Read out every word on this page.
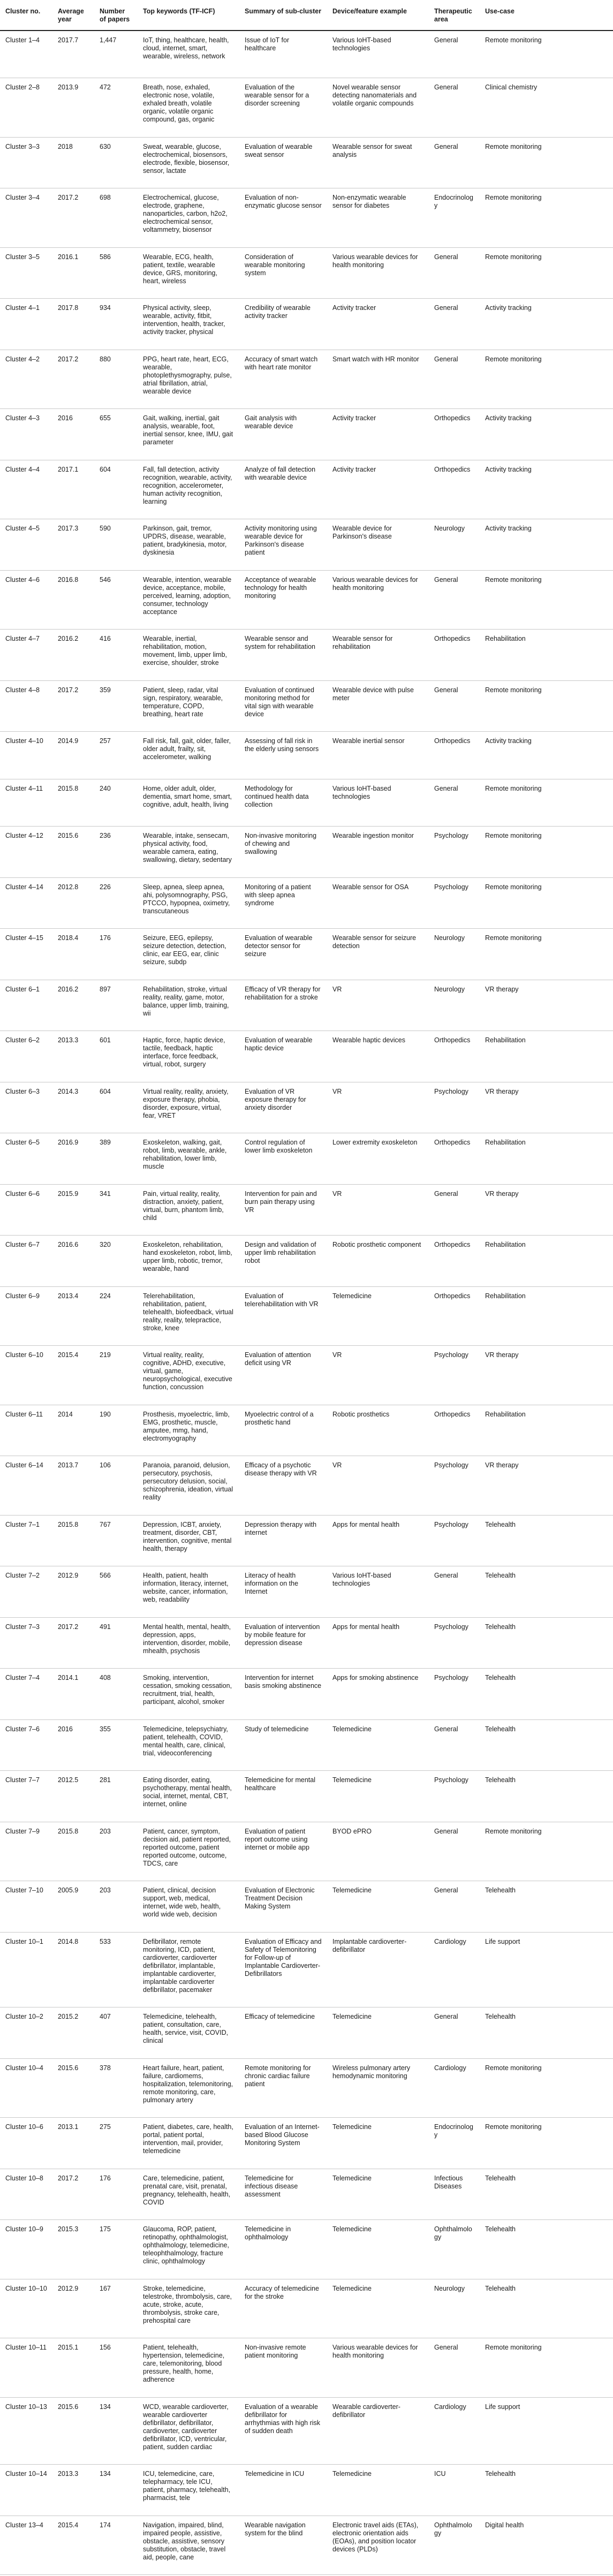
Cluster no.	Average year	Number of papers	Top keywords (TF-ICF)	Summary of sub-cluster	Device/feature example	Therapeutic area	Use-case
Cluster 1–4	2017.7	1,447	IoT, thing, healthcare, health, cloud, internet, smart, wearable, wireless, network	Issue of IoT for healthcare	Various IoHT-based technologies	General	Remote monitoring
Cluster 2–8	2013.9	472	Breath, nose, exhaled, electronic nose, volatile, exhaled breath, volatile organic, volatile organic compound, gas, organic	Evaluation of the wearable sensor for a disorder screening	Novel wearable sensor detecting nanomaterials and volatile organic compounds	General	Clinical chemistry
Cluster 3–3	2018	630	Sweat, wearable, glucose, electrochemical, biosensors, electrode, flexible, biosensor, sensor, lactate	Evaluation of wearable sweat sensor	Wearable sensor for sweat analysis	General	Remote monitoring
Cluster 3–4	2017.2	698	Electrochemical, glucose, electrode, graphene, nanoparticles, carbon, h2o2, electrochemical sensor, voltammetry, biosensor	Evaluation of non-enzymatic glucose sensor	Non-enzymatic wearable sensor for diabetes	Endocrinology	Remote monitoring
Cluster 3–5	2016.1	586	Wearable, ECG, health, patient, textile, wearable device, GRS, monitoring, heart, wireless	Consideration of wearable monitoring system	Various wearable devices for health monitoring	General	Remote monitoring
Cluster 4–1	2017.8	934	Physical activity, sleep, wearable, activity, fitbit, intervention, health, tracker, activity tracker, physical	Credibility of wearable activity tracker	Activity tracker	General	Activity tracking
Cluster 4–2	2017.2	880	PPG, heart rate, heart, ECG, wearable, photoplethysmography, pulse, atrial fibrillation, atrial, wearable device	Accuracy of smart watch with heart rate monitor	Smart watch with HR monitor	General	Remote monitoring
Cluster 4–3	2016	655	Gait, walking, inertial, gait analysis, wearable, foot, inertial sensor, knee, IMU, gait parameter	Gait analysis with wearable device	Activity tracker	Orthopedics	Activity tracking
Cluster 4–4	2017.1	604	Fall, fall detection, activity recognition, wearable, activity, recognition, accelerometer, human activity recognition, learning	Analyze of fall detection with wearable device	Activity tracker	Orthopedics	Activity tracking
Cluster 4–5	2017.3	590	Parkinson, gait, tremor, UPDRS, disease, wearable, patient, bradykinesia, motor, dyskinesia	Activity monitoring using wearable device for Parkinson's disease patient	Wearable device for Parkinson's disease	Neurology	Activity tracking
Cluster 4–6	2016.8	546	Wearable, intention, wearable device, acceptance, mobile, perceived, learning, adoption, consumer, technology acceptance	Acceptance of wearable technology for health monitoring	Various wearable devices for health monitoring	General	Remote monitoring
Cluster 4–7	2016.2	416	Wearable, inertial, rehabilitation, motion, movement, limb, upper limb, exercise, shoulder, stroke	Wearable sensor and system for rehabilitation	Wearable sensor for rehabilitation	Orthopedics	Rehabilitation
Cluster 4–8	2017.2	359	Patient, sleep, radar, vital sign, respiratory, wearable, temperature, COPD, breathing, heart rate	Evaluation of continued monitoring method for vital sign with wearable device	Wearable device with pulse meter	General	Remote monitoring
Cluster 4–10	2014.9	257	Fall risk, fall, gait, older, faller, older adult, frailty, sit, accelerometer, walking	Assessing of fall risk in the elderly using sensors	Wearable inertial sensor	Orthopedics	Activity tracking
Cluster 4–11	2015.8	240	Home, older adult, older, dementia, smart home, smart, cognitive, adult, health, living	Methodology for continued health data collection	Various IoHT-based technologies	General	Remote monitoring
Cluster 4–12	2015.6	236	Wearable, intake, sensecam, physical activity, food, wearable camera, eating, swallowing, dietary, sedentary	Non-invasive monitoring of chewing and swallowing	Wearable ingestion monitor	Psychology	Remote monitoring
Cluster 4–14	2012.8	226	Sleep, apnea, sleep apnea, ahi, polysomnography, PSG, PTCCO, hypopnea, oximetry, transcutaneous	Monitoring of a patient with sleep apnea syndrome	Wearable sensor for OSA	Psychology	Remote monitoring
Cluster 4–15	2018.4	176	Seizure, EEG, epilepsy, seizure detection, detection, clinic, ear EEG, ear, clinic seizure, subdp	Evaluation of wearable detector sensor for seizure	Wearable sensor for seizure detection	Neurology	Remote monitoring
Cluster 6–1	2016.2	897	Rehabilitation, stroke, virtual reality, reality, game, motor, balance, upper limb, training, wii	Efficacy of VR therapy for rehabilitation for a stroke	VR	Neurology	VR therapy
Cluster 6–2	2013.3	601	Haptic, force, haptic device, tactile, feedback, haptic interface, force feedback, virtual, robot, surgery	Evaluation of wearable haptic device	Wearable haptic devices	Orthopedics	Rehabilitation
Cluster 6–3	2014.3	604	Virtual reality, reality, anxiety, exposure therapy, phobia, disorder, exposure, virtual, fear, VRET	Evaluation of VR exposure therapy for anxiety disorder	VR	Psychology	VR therapy
Cluster 6–5	2016.9	389	Exoskeleton, walking, gait, robot, limb, wearable, ankle, rehabilitation, lower limb, muscle	Control regulation of lower limb exoskeleton	Lower extremity exoskeleton	Orthopedics	Rehabilitation
Cluster 6–6	2015.9	341	Pain, virtual reality, reality, distraction, anxiety, patient, virtual, burn, phantom limb, child	Intervention for pain and burn pain therapy using VR	VR	General	VR therapy
Cluster 6–7	2016.6	320	Exoskeleton, rehabilitation, hand exoskeleton, robot, limb, upper limb, robotic, tremor, wearable, hand	Design and validation of upper limb rehabilitation robot	Robotic prosthetic component	Orthopedics	Rehabilitation
Cluster 6–9	2013.4	224	Telerehabilitation, rehabilitation, patient, telehealth, biofeedback, virtual reality, reality, telepractice, stroke, knee	Evaluation of telerehabilitation with VR	Telemedicine	Orthopedics	Rehabilitation
Cluster 6–10	2015.4	219	Virtual reality, reality, cognitive, ADHD, executive, virtual, game, neuropsychological, executive function, concussion	Evaluation of attention deficit using VR	VR	Psychology	VR therapy
Cluster 6–11	2014	190	Prosthesis, myoelectric, limb, EMG, prosthetic, muscle, amputee, mmg, hand, electromyography	Myoelectric control of a prosthetic hand	Robotic prosthetics	Orthopedics	Rehabilitation
Cluster 6–14	2013.7	106	Paranoia, paranoid, delusion, persecutory, psychosis, persecutory delusion, social, schizophrenia, ideation, virtual reality	Efficacy of a psychotic disease therapy with VR	VR	Psychology	VR therapy
Cluster 7–1	2015.8	767	Depression, ICBT, anxiety, treatment, disorder, CBT, intervention, cognitive, mental health, therapy	Depression therapy with internet	Apps for mental health	Psychology	Telehealth
Cluster 7–2	2012.9	566	Health, patient, health information, literacy, internet, website, cancer, information, web, readability	Literacy of health information on the Internet	Various IoHT-based technologies	General	Telehealth
Cluster 7–3	2017.2	491	Mental health, mental, health, depression, apps, intervention, disorder, mobile, mhealth, psychosis	Evaluation of intervention by mobile feature for depression disease	Apps for mental health	Psychology	Telehealth
Cluster 7–4	2014.1	408	Smoking, intervention, cessation, smoking cessation, recruitment, trial, health, participant, alcohol, smoker	Intervention for internet basis smoking abstinence	Apps for smoking abstinence	Psychology	Telehealth
Cluster 7–6	2016	355	Telemedicine, telepsychiatry, patient, telehealth, COVID, mental health, care, clinical, trial, videoconferencing	Study of telemedicine	Telemedicine	General	Telehealth
Cluster 7–7	2012.5	281	Eating disorder, eating, psychotherapy, mental health, social, internet, mental, CBT, internet, online	Telemedicine for mental healthcare	Telemedicine	Psychology	Telehealth
Cluster 7–9	2015.8	203	Patient, cancer, symptom, decision aid, patient reported, reported outcome, patient reported outcome, outcome, TDCS, care	Evaluation of patient report outcome using internet or mobile app	BYOD ePRO	General	Remote monitoring
Cluster 7–10	2005.9	203	Patient, clinical, decision support, web, medical, internet, wide web, health, world wide web, decision	Evaluation of Electronic Treatment Decision Making System	Telemedicine	General	Telehealth
Cluster 10–1	2014.8	533	Defibrillator, remote monitoring, ICD, patient, cardioverter, cardioverter defibrillator, implantable, implantable cardioverter, implantable cardioverter defibrillator, pacemaker	Evaluation of Efficacy and Safety of Telemonitoring for Follow-up of Implantable Cardioverter-Defibrillators	Implantable cardioverter-defibrillator	Cardiology	Life support
Cluster 10–2	2015.2	407	Telemedicine, telehealth, patient, consultation, care, health, service, visit, COVID, clinical	Efficacy of telemedicine	Telemedicine	General	Telehealth
Cluster 10–4	2015.6	378	Heart failure, heart, patient, failure, cardiomems, hospitalization, telemonitoring, remote monitoring, care, pulmonary artery	Remote monitoring for chronic cardiac failure patient	Wireless pulmonary artery hemodynamic monitoring	Cardiology	Remote monitoring
Cluster 10–6	2013.1	275	Patient, diabetes, care, health, portal, patient portal, intervention, mail, provider, telemedicine	Evaluation of an Internet-based Blood Glucose Monitoring System	Telemedicine	Endocrinology	Remote monitoring
Cluster 10–8	2017.2	176	Care, telemedicine, patient, prenatal care, visit, prenatal, pregnancy, telehealth, health, COVID	Telemedicine for infectious disease assessment	Telemedicine	Infectious Diseases	Telehealth
Cluster 10–9	2015.3	175	Glaucoma, ROP, patient, retinopathy, ophthalmologist, ophthalmology, telemedicine, teleophthalmology, fracture clinic, ophthalmology	Telemedicine in ophthalmology	Telemedicine	Ophthalmology	Telehealth
Cluster 10–10	2012.9	167	Stroke, telemedicine, telestroke, thrombolysis, care, acute, stroke, acute, thrombolysis, stroke care, prehospital care	Accuracy of telemedicine for the stroke	Telemedicine	Neurology	Telehealth
Cluster 10–11	2015.1	156	Patient, telehealth, hypertension, telemedicine, care, telemonitoring, blood pressure, health, home, adherence	Non-invasive remote patient monitoring	Various wearable devices for health monitoring	General	Remote monitoring
Cluster 10–13	2015.6	134	WCD, wearable cardioverter, wearable cardioverter defibrillator, defibrillator, cardioverter, cardioverter defibrillator, ICD, ventricular, patient, sudden cardiac	Evaluation of a wearable defibrillator for arrhythmias with high risk of sudden death	Wearable cardioverter-defibrillator	Cardiology	Life support
Cluster 10–14	2013.3	134	ICU, telemedicine, care, telepharmacy, tele ICU, patient, pharmacy, telehealth, pharmacist, tele	Telemedicine in ICU	Telemedicine	ICU	Telehealth
Cluster 13–4	2015.4	174	Navigation, impaired, blind, impaired people, assistive, obstacle, assistive, sensory substitution, obstacle, travel aid, people, cane	Wearable navigation system for the blind	Electronic travel aids (ETAs), electronic orientation aids (EOAs), and position locator devices (PLDs)	Ophthalmology	Digital health
